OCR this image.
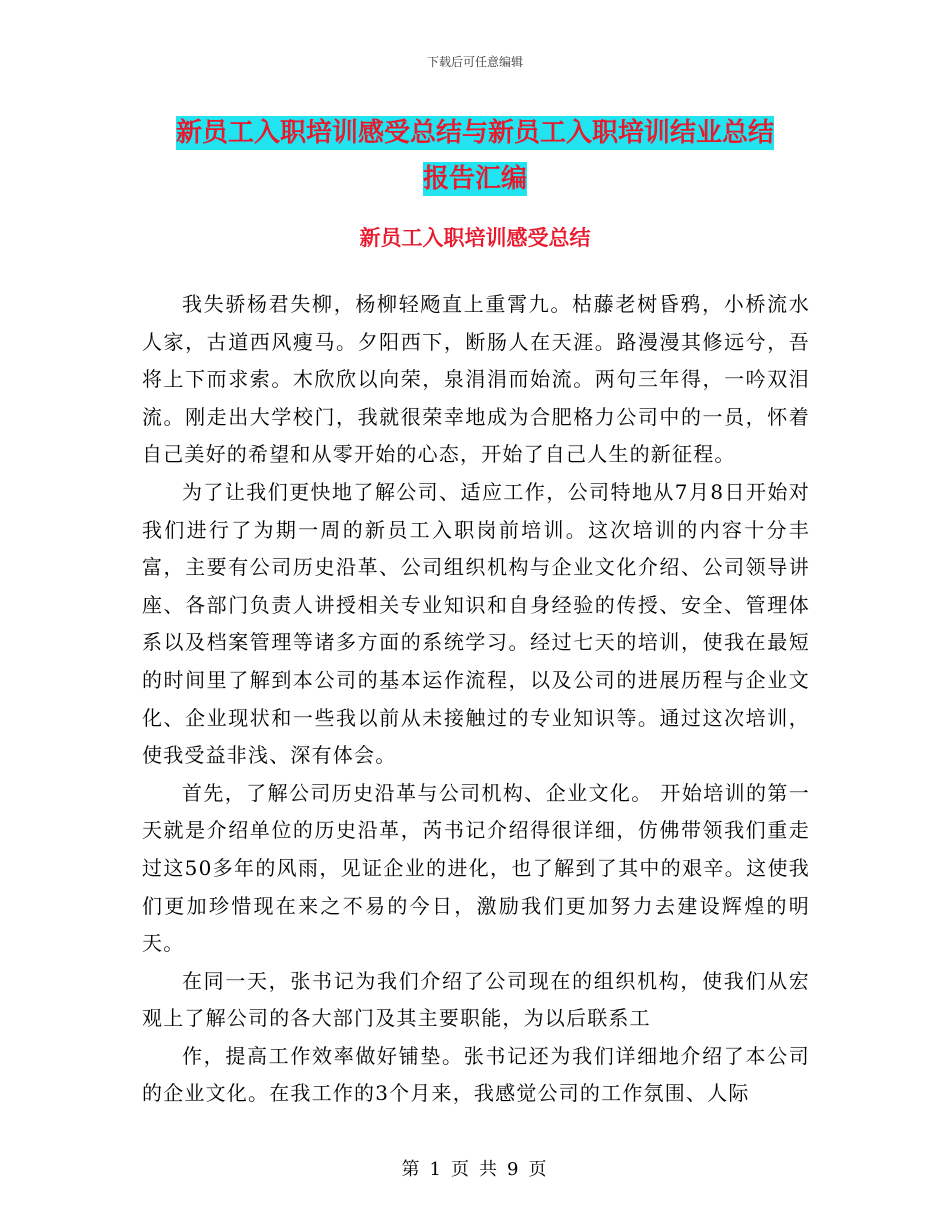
下载后可任意编辑
新员工入职培训感受总结与新员工入职培训结业总结
报告汇编
新员工入职培训感受总结

我失骄杨君失柳，杨柳轻飏直上重霄九。枯藤老树昏鸦，小桥流水人家，古道西风瘦马。夕阳西下，断肠人在天涯。路漫漫其修远兮，吾将上下而求索。木欣欣以向荣，泉涓涓而始流。两句三年得，一吟双泪流。刚走出大学校门，我就很荣幸地成为合肥格力公司中的一员，怀着自己美好的希望和从零开始的心态，开始了自己人生的新征程。

为了让我们更快地了解公司、适应工作，公司特地从7月8日开始对我们进行了为期一周的新员工入职岗前培训。这次培训的内容十分丰富，主要有公司历史沿革、公司组织机构与企业文化介绍、公司领导讲座、各部门负责人讲授相关专业知识和自身经验的传授、安全、管理体系以及档案管理等诸多方面的系统学习。经过七天的培训，使我在最短的时间里了解到本公司的基本运作流程，以及公司的进展历程与企业文化、企业现状和一些我以前从未接触过的专业知识等。通过这次培训，使我受益非浅、深有体会。

首先，了解公司历史沿革与公司机构、企业文化。 开始培训的第一天就是介绍单位的历史沿革，芮书记介绍得很详细，仿佛带领我们重走过这50多年的风雨，见证企业的进化，也了解到了其中的艰辛。这使我们更加珍惜现在来之不易的今日，激励我们更加努力去建设辉煌的明天。

在同一天，张书记为我们介绍了公司现在的组织机构，使我们从宏观上了解公司的各大部门及其主要职能，为以后联系工

作，提高工作效率做好铺垫。张书记还为我们详细地介绍了本公司的企业文化。在我工作的3个月来，我感觉公司的工作氛围、人际

第 1 页 共 9 页
